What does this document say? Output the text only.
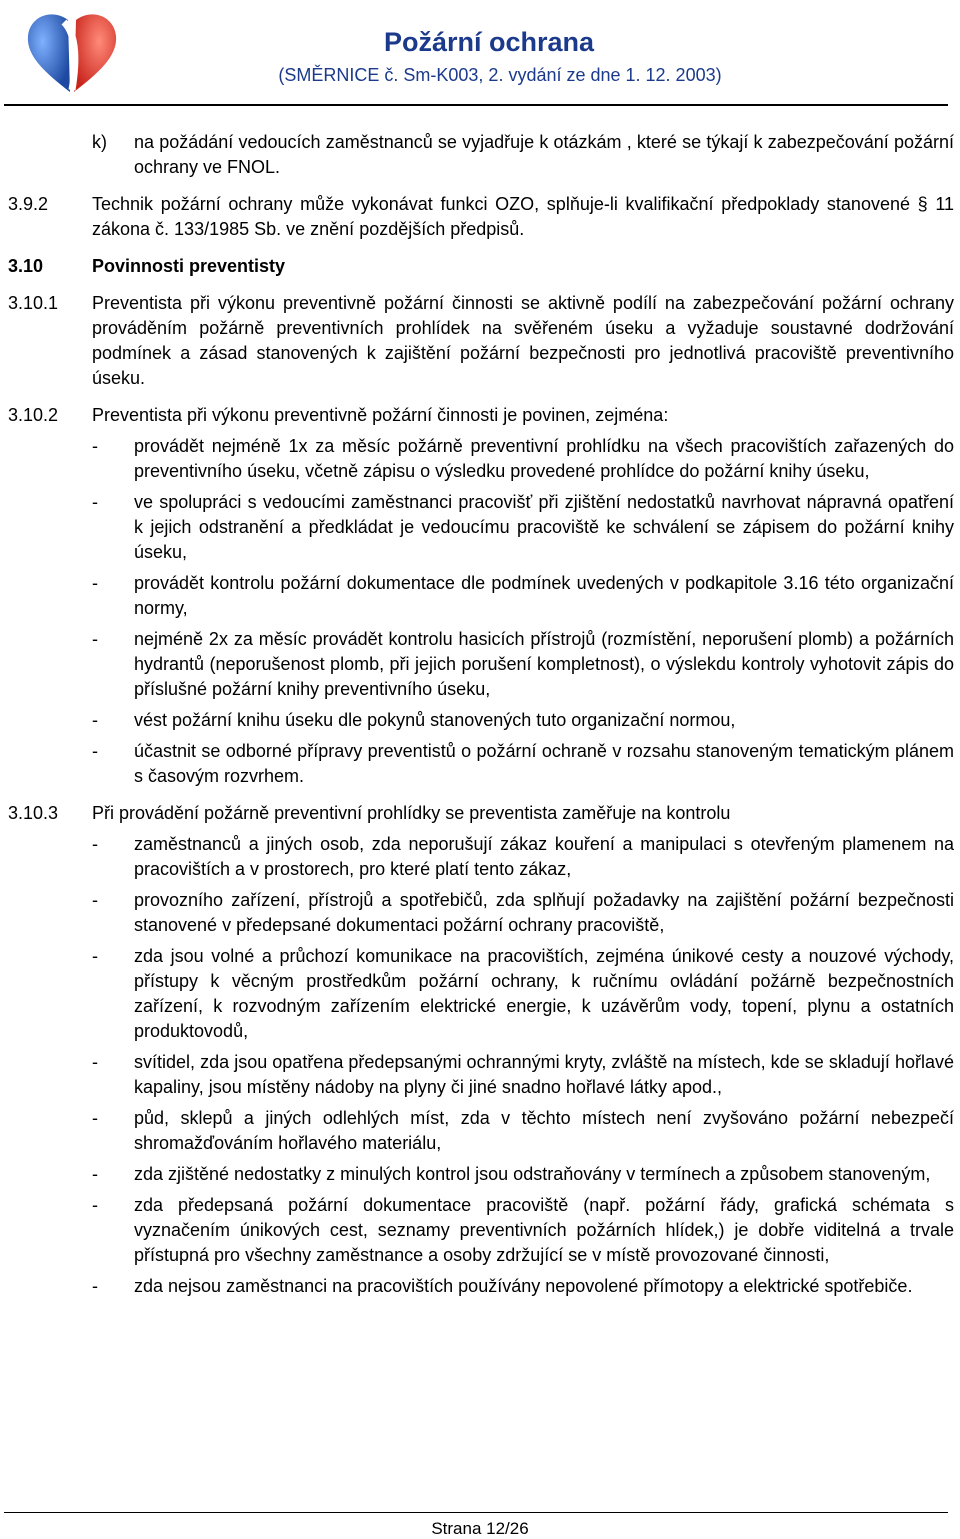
Požární ochrana
(SMĚRNICE č. Sm-K003, 2. vydání ze dne 1. 12. 2003)
k) na požádání vedoucích zaměstnanců se vyjadřuje k otázkám , které se týkají k zabezpečování požární ochrany ve FNOL.
3.9.2 Technik požární ochrany může vykonávat funkci OZO, splňuje-li kvalifikační předpoklady stanovené § 11 zákona č. 133/1985 Sb. ve znění pozdějších předpisů.
3.10	Povinnosti preventisty
3.10.1 Preventista při výkonu preventivně požární činnosti se aktivně podílí na zabezpečování požární ochrany prováděním požárně preventivních prohlídek na svěřeném úseku a vyžaduje soustavné dodržování podmínek a zásad stanovených k zajištění požární bezpečnosti pro jednotlivá pracoviště preventivního úseku.
3.10.2 Preventista při výkonu preventivně požární činnosti je povinen, zejména:
- provádět nejméně 1x za měsíc požárně preventivní prohlídku na všech pracovištích zařazených do preventivního úseku, včetně zápisu o výsledku provedené prohlídce do požární knihy úseku,
- ve spolupráci s vedoucími zaměstnanci pracovišť při zjištění nedostatků navrhovat nápravná opatření k jejich odstranění a předkládat je vedoucímu pracoviště ke schválení se zápisem do požární knihy úseku,
- provádět kontrolu požární dokumentace dle podmínek uvedených v podkapitole 3.16 této organizační normy,
- nejméně 2x za měsíc provádět kontrolu hasicích přístrojů (rozmístění, neporušení plomb) a požárních hydrantů (neporušenost plomb, při jejich porušení kompletnost), o výslekdu kontroly vyhotovit zápis do příslušné požární knihy preventivního úseku,
- vést požární knihu úseku dle pokynů stanovených tuto organizační normou,
- účastnit se odborné přípravy preventistů o požární ochraně v rozsahu stanoveným tematickým plánem s časovým rozvrhem.
3.10.3 Při provádění požárně preventivní prohlídky se preventista zaměřuje na kontrolu
- zaměstnanců a jiných osob, zda neporušují zákaz kouření a manipulaci s otevřeným plamenem na pracovištích a v prostorech, pro které platí tento zákaz,
- provozního zařízení, přístrojů a spotřebičů, zda splňují požadavky na zajištění požární bezpečnosti stanovené v předepsané dokumentaci požární ochrany pracoviště,
- zda jsou volné a průchozí komunikace na pracovištích, zejména únikové cesty a nouzové východy, přístupy k věcným prostředkům požární ochrany, k ručnímu ovládání požárně bezpečnostních zařízení, k rozvodným zařízením elektrické energie, k uzávěrům vody, topení, plynu a ostatních produktovodů,
- svítidel, zda jsou opatřena předepsanými ochrannými kryty, zvláště na místech, kde se skladují hořlavé kapaliny, jsou místěny nádoby na plyny či jiné snadno hořlavé látky apod.,
- půd, sklepů a jiných odlehlých míst, zda v těchto místech není zvyšováno požární nebezpečí shromažďováním hořlavého materiálu,
- zda zjištěné nedostatky z minulých kontrol jsou odstraňovány v termínech a způsobem stanoveným,
- zda předepsaná požární dokumentace pracoviště (např. požární řády, grafická schémata s vyznačením únikových cest, seznamy preventivních požárních hlídek,) je dobře viditelná a trvale přístupná pro všechny zaměstnance a osoby zdržující se v místě provozované činnosti,
- zda nejsou zaměstnanci na pracovištích používány nepovolené přímotopy a elektrické spotřebiče.
Strana 12/26
